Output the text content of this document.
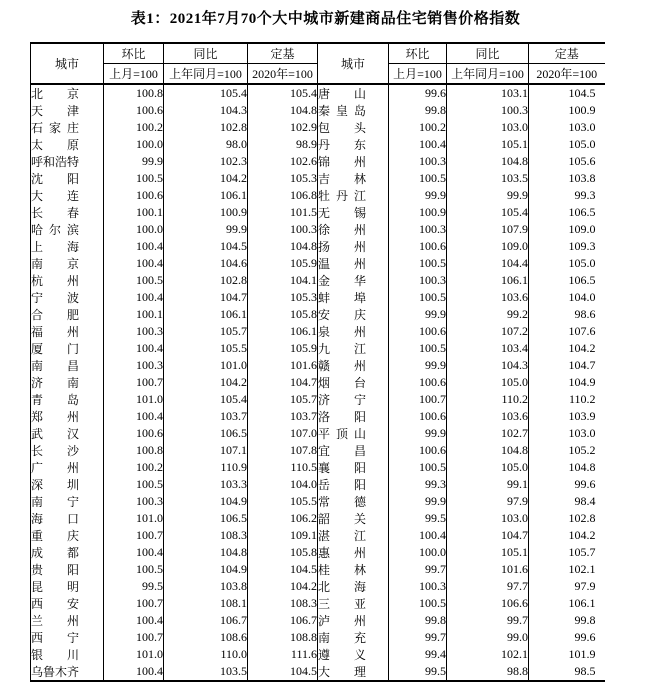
表1：2021年7月70个大中城市新建商品住宅销售价格指数
城市	环比	同比	定基	城市	环比	同比	定基
	上月=100	上年同月=100	2020年=100		上月=100	上年同月=100	2020年=100

北 京	100.8	105.4	105.4	唐 山	99.6	103.1	104.5

天 津	100.6	104.3	104.8	秦 皇 岛	99.8	100.3	100.9

石 家 庄	100.2	102.8	102.9	包 头	100.2	103.0	103.0

太 原	100.0	98.0	98.9	丹 东	100.4	105.1	105.0

呼 和 浩 特	99.9	102.3	102.6	锦 州	100.3	104.8	105.6

沈 阳	100.5	104.2	105.3	吉 林	100.5	103.5	103.8

大 连	100.6	106.1	106.8	牡 丹 江	99.9	99.9	99.3

长 春	100.1	100.9	101.5	无 锡	100.9	105.4	106.5

哈 尔 滨	100.0	99.9	100.3	徐 州	100.3	107.9	109.0

上 海	100.4	104.5	104.8	扬 州	100.6	109.0	109.3

南 京	100.4	104.6	105.9	温 州	100.5	104.4	105.0

杭 州	100.5	102.8	104.1	金 华	100.3	106.1	106.5

宁 波	100.4	104.7	105.3	蚌 埠	100.5	103.6	104.0

合 肥	100.1	106.1	105.8	安 庆	99.9	99.2	98.6

福 州	100.3	105.7	106.1	泉 州	100.6	107.2	107.6

厦 门	100.4	105.5	105.9	九 江	100.5	103.4	104.2

南 昌	100.3	101.0	101.6	赣 州	99.9	104.3	104.7

济 南	100.7	104.2	104.7	烟 台	100.6	105.0	104.9

青 岛	101.0	105.4	105.7	济 宁	100.7	110.2	110.2

郑 州	100.4	103.7	103.7	洛 阳	100.6	103.6	103.9

武 汉	100.6	106.5	107.0	平 顶 山	99.9	102.7	103.0

长 沙	100.8	107.1	107.8	宜 昌	100.6	104.8	105.2

广 州	100.2	110.9	110.5	襄 阳	100.5	105.0	104.8

深 圳	100.5	103.3	104.0	岳 阳	99.3	99.1	99.6

南 宁	100.3	104.9	105.5	常 德	99.9	97.9	98.4

海 口	101.0	106.5	106.2	韶 关	99.5	103.0	102.8

重 庆	100.7	108.3	109.1	湛 江	100.4	104.7	104.2

成 都	100.4	104.8	105.8	惠 州	100.0	105.1	105.7

贵 阳	100.5	104.9	104.5	桂 林	99.7	101.6	102.1

昆 明	99.5	103.8	104.2	北 海	100.3	97.7	97.9

西 安	100.7	108.1	108.3	三 亚	100.5	106.6	106.1

兰 州	100.4	106.7	106.7	泸 州	99.8	99.7	99.8

西 宁	100.7	108.6	108.8	南 充	99.7	99.0	99.6

银 川	101.0	110.0	111.6	遵 义	99.4	102.1	101.9

乌 鲁 木 齐	100.4	103.5	104.5	大 理	99.5	98.8	98.5
